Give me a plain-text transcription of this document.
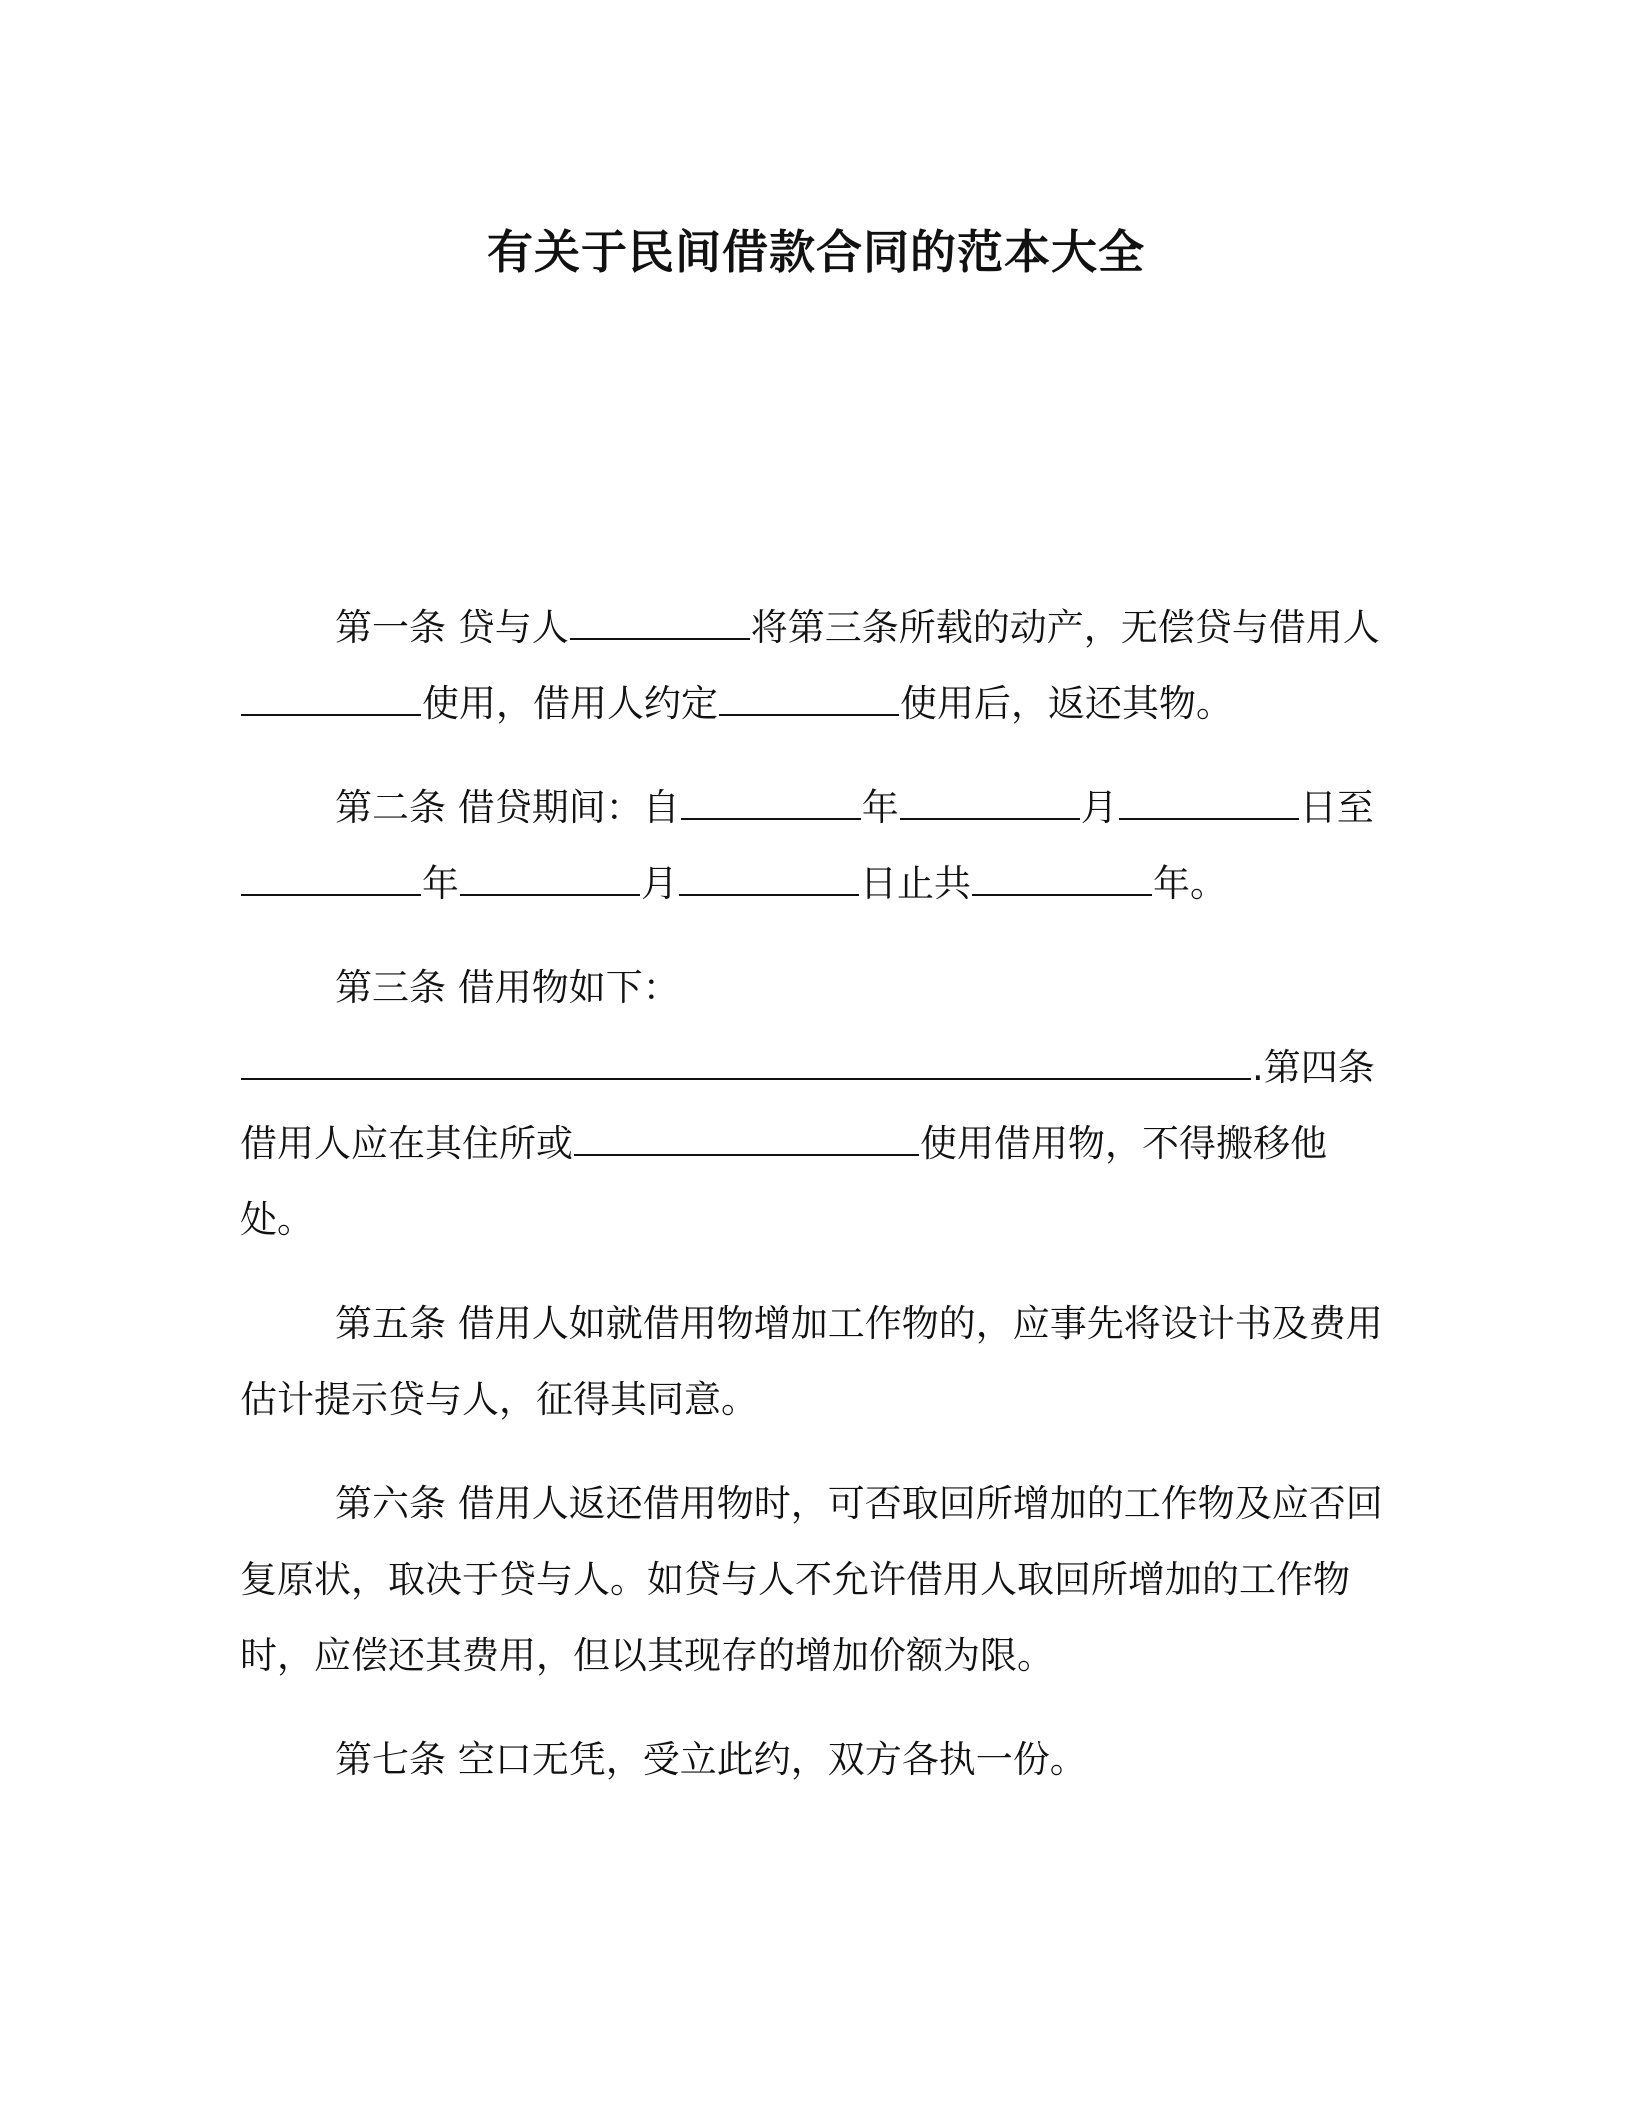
有关于民间借款合同的范本大全

第一条 贷与人	将第三条所载的动产，无偿贷与借用人使用，借用人约定	使用后，返还其物。

第二条 借贷期间：自	年	月	日至年	月	日止共	年。

第三条 借用物如下：

.第四条
借用人应在其住所或	使用借用物，不得搬移他处。

第五条 借用人如就借用物增加工作物的，应事先将设计书及费用估计提示贷与人，征得其同意。

第六条 借用人返还借用物时，可否取回所增加的工作物及应否回复原状，取决于贷与人。如贷与人不允许借用人取回所增加的工作物时，应偿还其费用，但以其现存的增加价额为限。

第七条 空口无凭，受立此约，双方各执一份。
